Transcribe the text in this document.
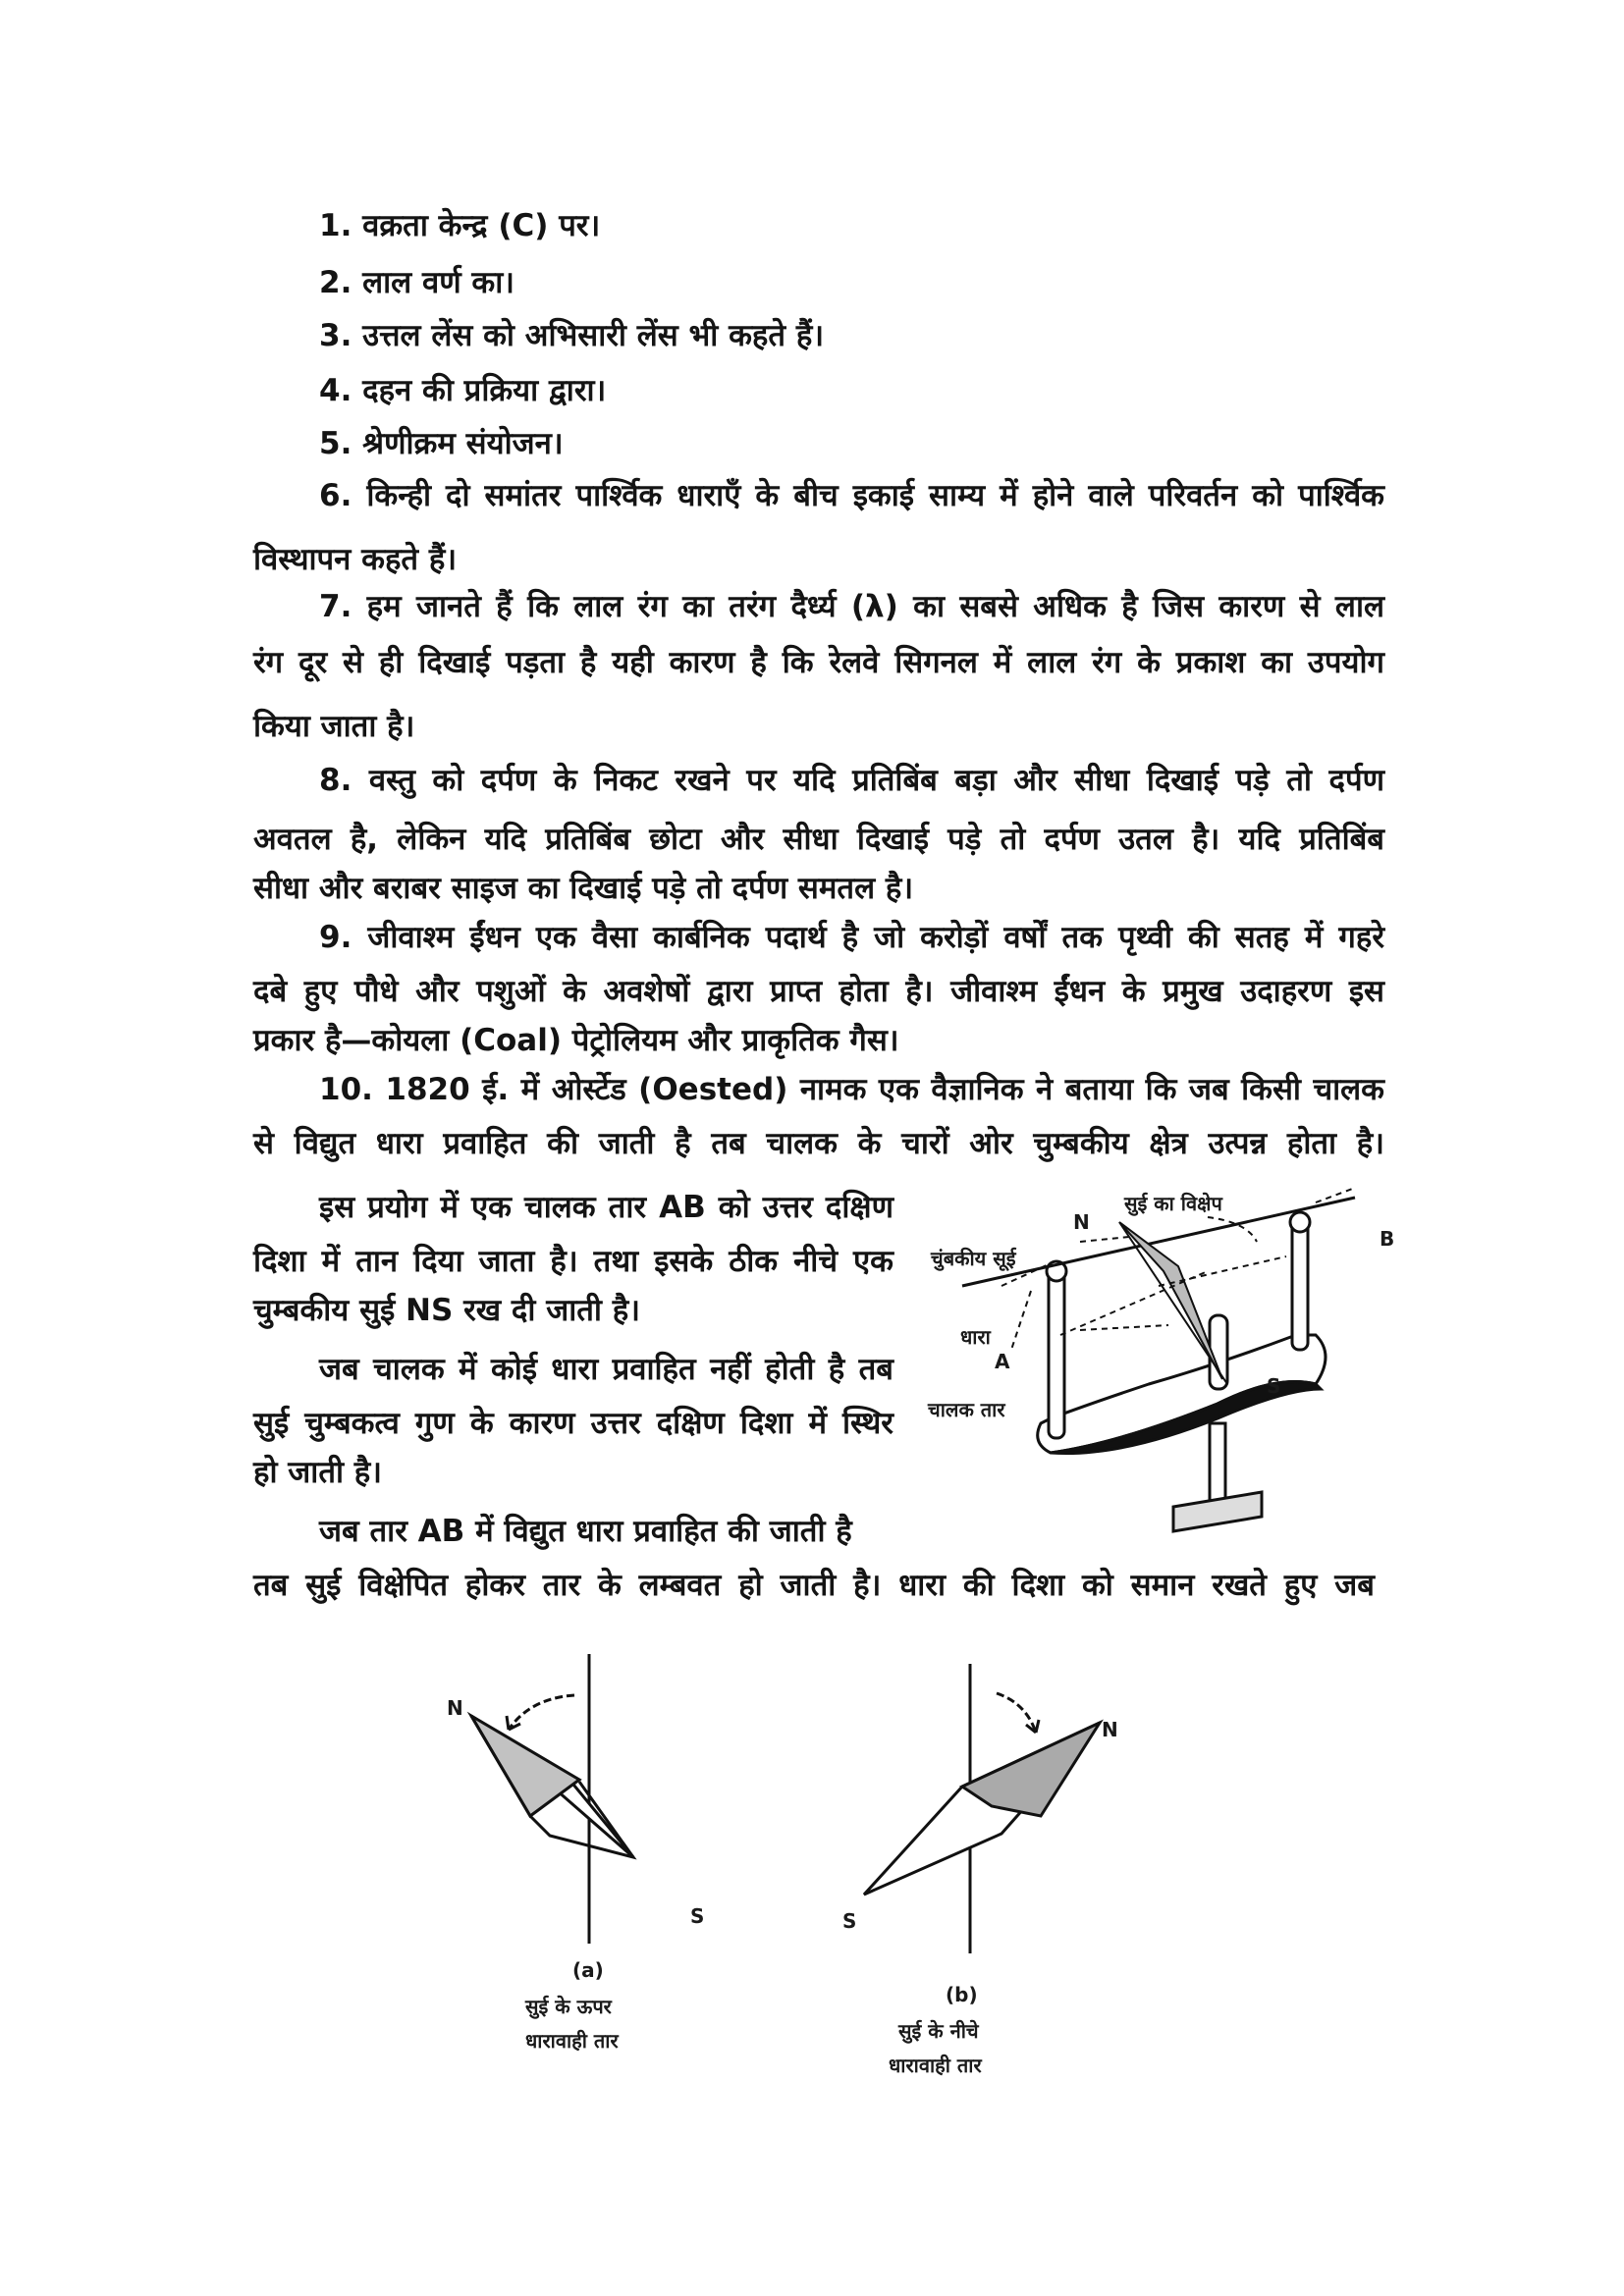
1. वक्रता केन्द्र (C) पर।
2. लाल वर्ण का।
3. उत्तल लेंस को अभिसारी लेंस भी कहते हैं।
4. दहन की प्रक्रिया द्वारा।
5. श्रेणीक्रम संयोजन।
6. किन्ही दो समांतर पार्श्विक धाराएँ के बीच इकाई साम्य में होने वाले परिवर्तन को पार्श्विक
विस्थापन कहते हैं।
7. हम जानते हैं कि लाल रंग का तरंग दैर्ध्य (λ) का सबसे अधिक है जिस कारण से लाल
रंग दूर से ही दिखाई पड़ता है यही कारण है कि रेलवे सिगनल में लाल रंग के प्रकाश का उपयोग
किया जाता है।
8. वस्तु को दर्पण के निकट रखने पर यदि प्रतिबिंब बड़ा और सीधा दिखाई पड़े तो दर्पण
अवतल है, लेकिन यदि प्रतिबिंब छोटा और सीधा दिखाई पड़े तो दर्पण उतल है। यदि प्रतिबिंब
सीधा और बराबर साइज का दिखाई पड़े तो दर्पण समतल है।
9. जीवाश्म ईंधन एक वैसा कार्बनिक पदार्थ है जो करोड़ों वर्षों तक पृथ्वी की सतह में गहरे
दबे हुए पौधे और पशुओं के अवशेषों द्वारा प्राप्त होता है। जीवाश्म ईंधन के प्रमुख उदाहरण इस
प्रकार है—कोयला (Coal) पेट्रोलियम और प्राकृतिक गैस।
10. 1820 ई. में ओर्स्टेड (Oested) नामक एक वैज्ञानिक ने बताया कि जब किसी चालक
से विद्युत धारा प्रवाहित की जाती है तब चालक के चारों ओर चुम्बकीय क्षेत्र उत्पन्न होता है।
इस प्रयोग में एक चालक तार AB को उत्तर दक्षिण
दिशा में तान दिया जाता है। तथा इसके ठीक नीचे एक
चुम्बकीय सुई NS रख दी जाती है।
जब चालक में कोई धारा प्रवाहित नहीं होती है तब
सुई चुम्बकत्व गुण के कारण उत्तर दक्षिण दिशा में स्थिर
हो जाती है।
जब तार AB में विद्युत धारा प्रवाहित की जाती है
तब सुई विक्षेपित होकर तार के लम्बवत हो जाती है। धारा की दिशा को समान रखते हुए जब
सुई का विक्षेप
N
B
चुंबकीय सूई
धारा
A
S
चालक तार
N
S
(a)
सुई के ऊपर
धारावाही तार
N
S
(b)
सुई के नीचे
धारावाही तार
